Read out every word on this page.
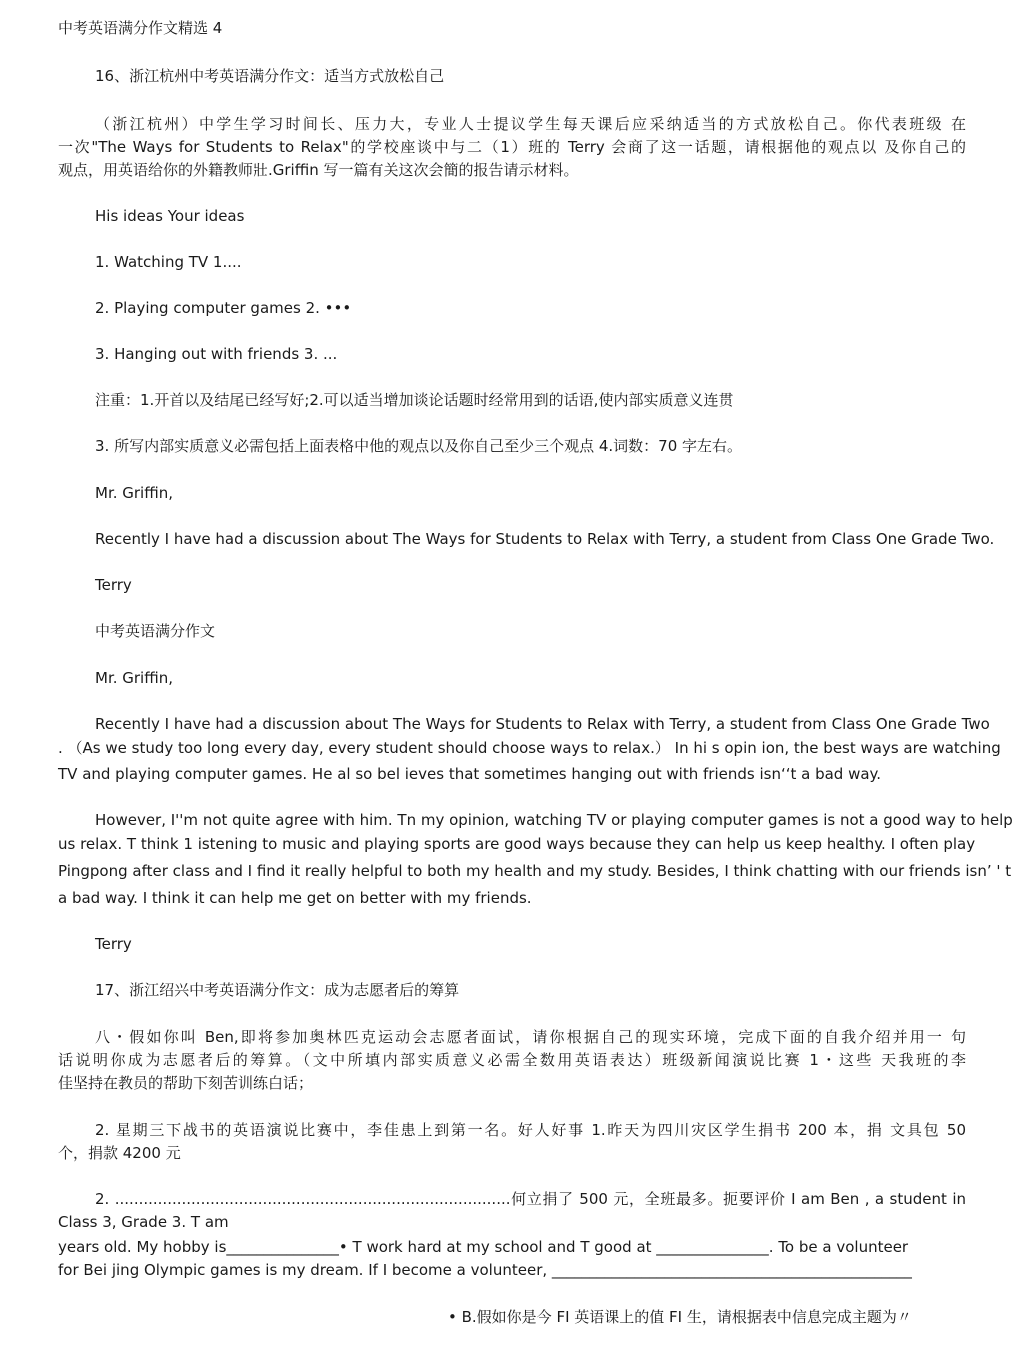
中考英语满分作文精选 4
16、浙江杭州中考英语满分作文：适当方式放松自己
（浙江杭州）中学生学习时间长、压力大，专业人士提议学生每天课后应采纳适当的方式放松自己。你代表班级 在
一次"The Ways for Students to Relax"的学校座谈中与二（1）班的 Terry 会商了这一话题，请根据他的观点以 及你自己的
观点，用英语给你的外籍教师壯.Griffin 写一篇有关这次会簡的报告请示材料。
His ideas Your ideas
1. Watching TV 1....
2. Playing computer games 2. •••
3. Hanging out with friends 3. ...
注重：1.开首以及结尾已经写好;2.可以适当增加谈论话题时经常用到的话语,使内部实质意义连贯
3. 所写内部实质意义必需包括上面表格中他的观点以及你自己至少三个观点 4.词数：70 字左右。
Mr. Griffin,
Recently I have had a discussion about The Ways for Students to Relax with Terry, a student from Class One Grade Two.
Terry
中考英语满分作文
Mr. Griffin,
Recently I have had a discussion about The Ways for Students to Relax with Terry, a student from Class One Grade Two
. （As we study too long every day, every student should choose ways to relax.） In hi s opin ion, the best ways are watching
TV and playing computer games. He al so bel ieves that sometimes hanging out with friends isn‘‘t a bad way.
However, I''m not quite agree with him. Tn my opinion, watching TV or playing computer games is not a good way to help
us relax. T think 1 istening to music and playing sports are good ways because they can help us keep healthy. I often play
Pingpong after class and I find it really helpful to both my health and my study. Besides, I think chatting with our friends isn’ ' t
a bad way. I think it can help me get on better with my friends.
Terry
17、浙江绍兴中考英语满分作文：成为志愿者后的筹算
八・假如你叫 Ben,即将参加奥林匹克运动会志愿者面试，请你根据自己的现实环境，完成下面的自我介绍并用一 句
话说明你成为志愿者后的筹算。（文中所填内部实质意义必需全数用英语表达）班级新闻演说比赛 1・这些 天我班的李
佳坚持在教员的帮助下刻苦训练白话；
2. 星期三下战书的英语演说比赛中，李佳患上到第一名。好人好事 1.昨天为四川灾区学生捐书 200 本，捐 文具包 50
个，捐款 4200 元
2. ...................................................................................何立捐了 500 元，全班最多。扼要评价 I am Ben , a student in
Class 3, Grade 3. T am
years old. My hobby is_______________• T work hard at my school and T good at _______________. To be a volunteer
for Bei jing Olympic games is my dream. If I become a volunteer, ________________________________________________
• B.假如你是今 FI 英语课上的值 FI 生，请根据表中信息完成主题为〃
